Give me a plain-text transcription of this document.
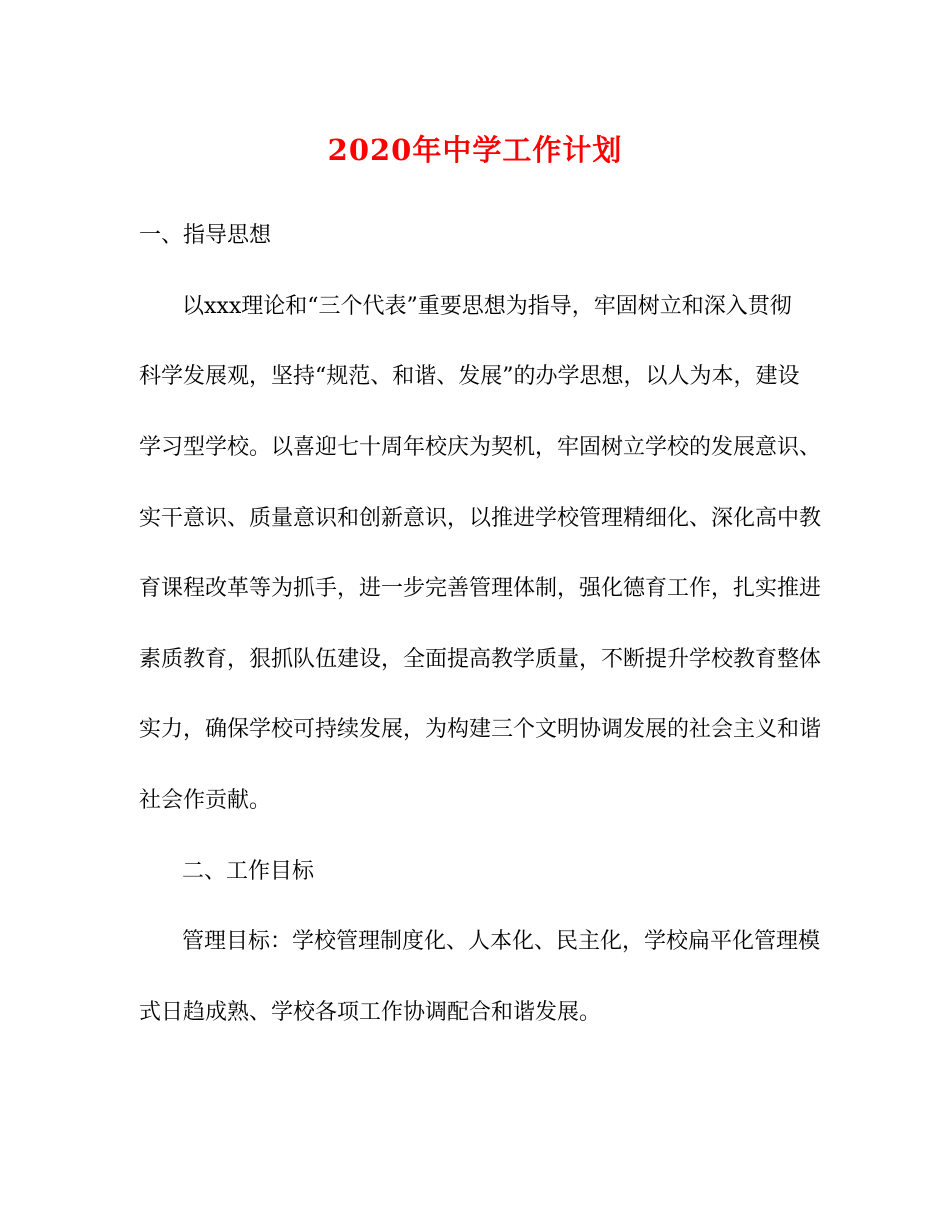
2020年中学工作计划
一、指导思想
以xxx理论和“三个代表”重要思想为指导，牢固树立和深入贯彻
科学发展观，坚持“规范、和谐、发展”的办学思想，以人为本，建设
学习型学校。以喜迎七十周年校庆为契机，牢固树立学校的发展意识、
实干意识、质量意识和创新意识，以推进学校管理精细化、深化高中教
育课程改革等为抓手，进一步完善管理体制，强化德育工作，扎实推进
素质教育，狠抓队伍建设，全面提高教学质量，不断提升学校教育整体
实力，确保学校可持续发展，为构建三个文明协调发展的社会主义和谐
社会作贡献。
二、工作目标
管理目标：学校管理制度化、人本化、民主化，学校扁平化管理模
式日趋成熟、学校各项工作协调配合和谐发展。
